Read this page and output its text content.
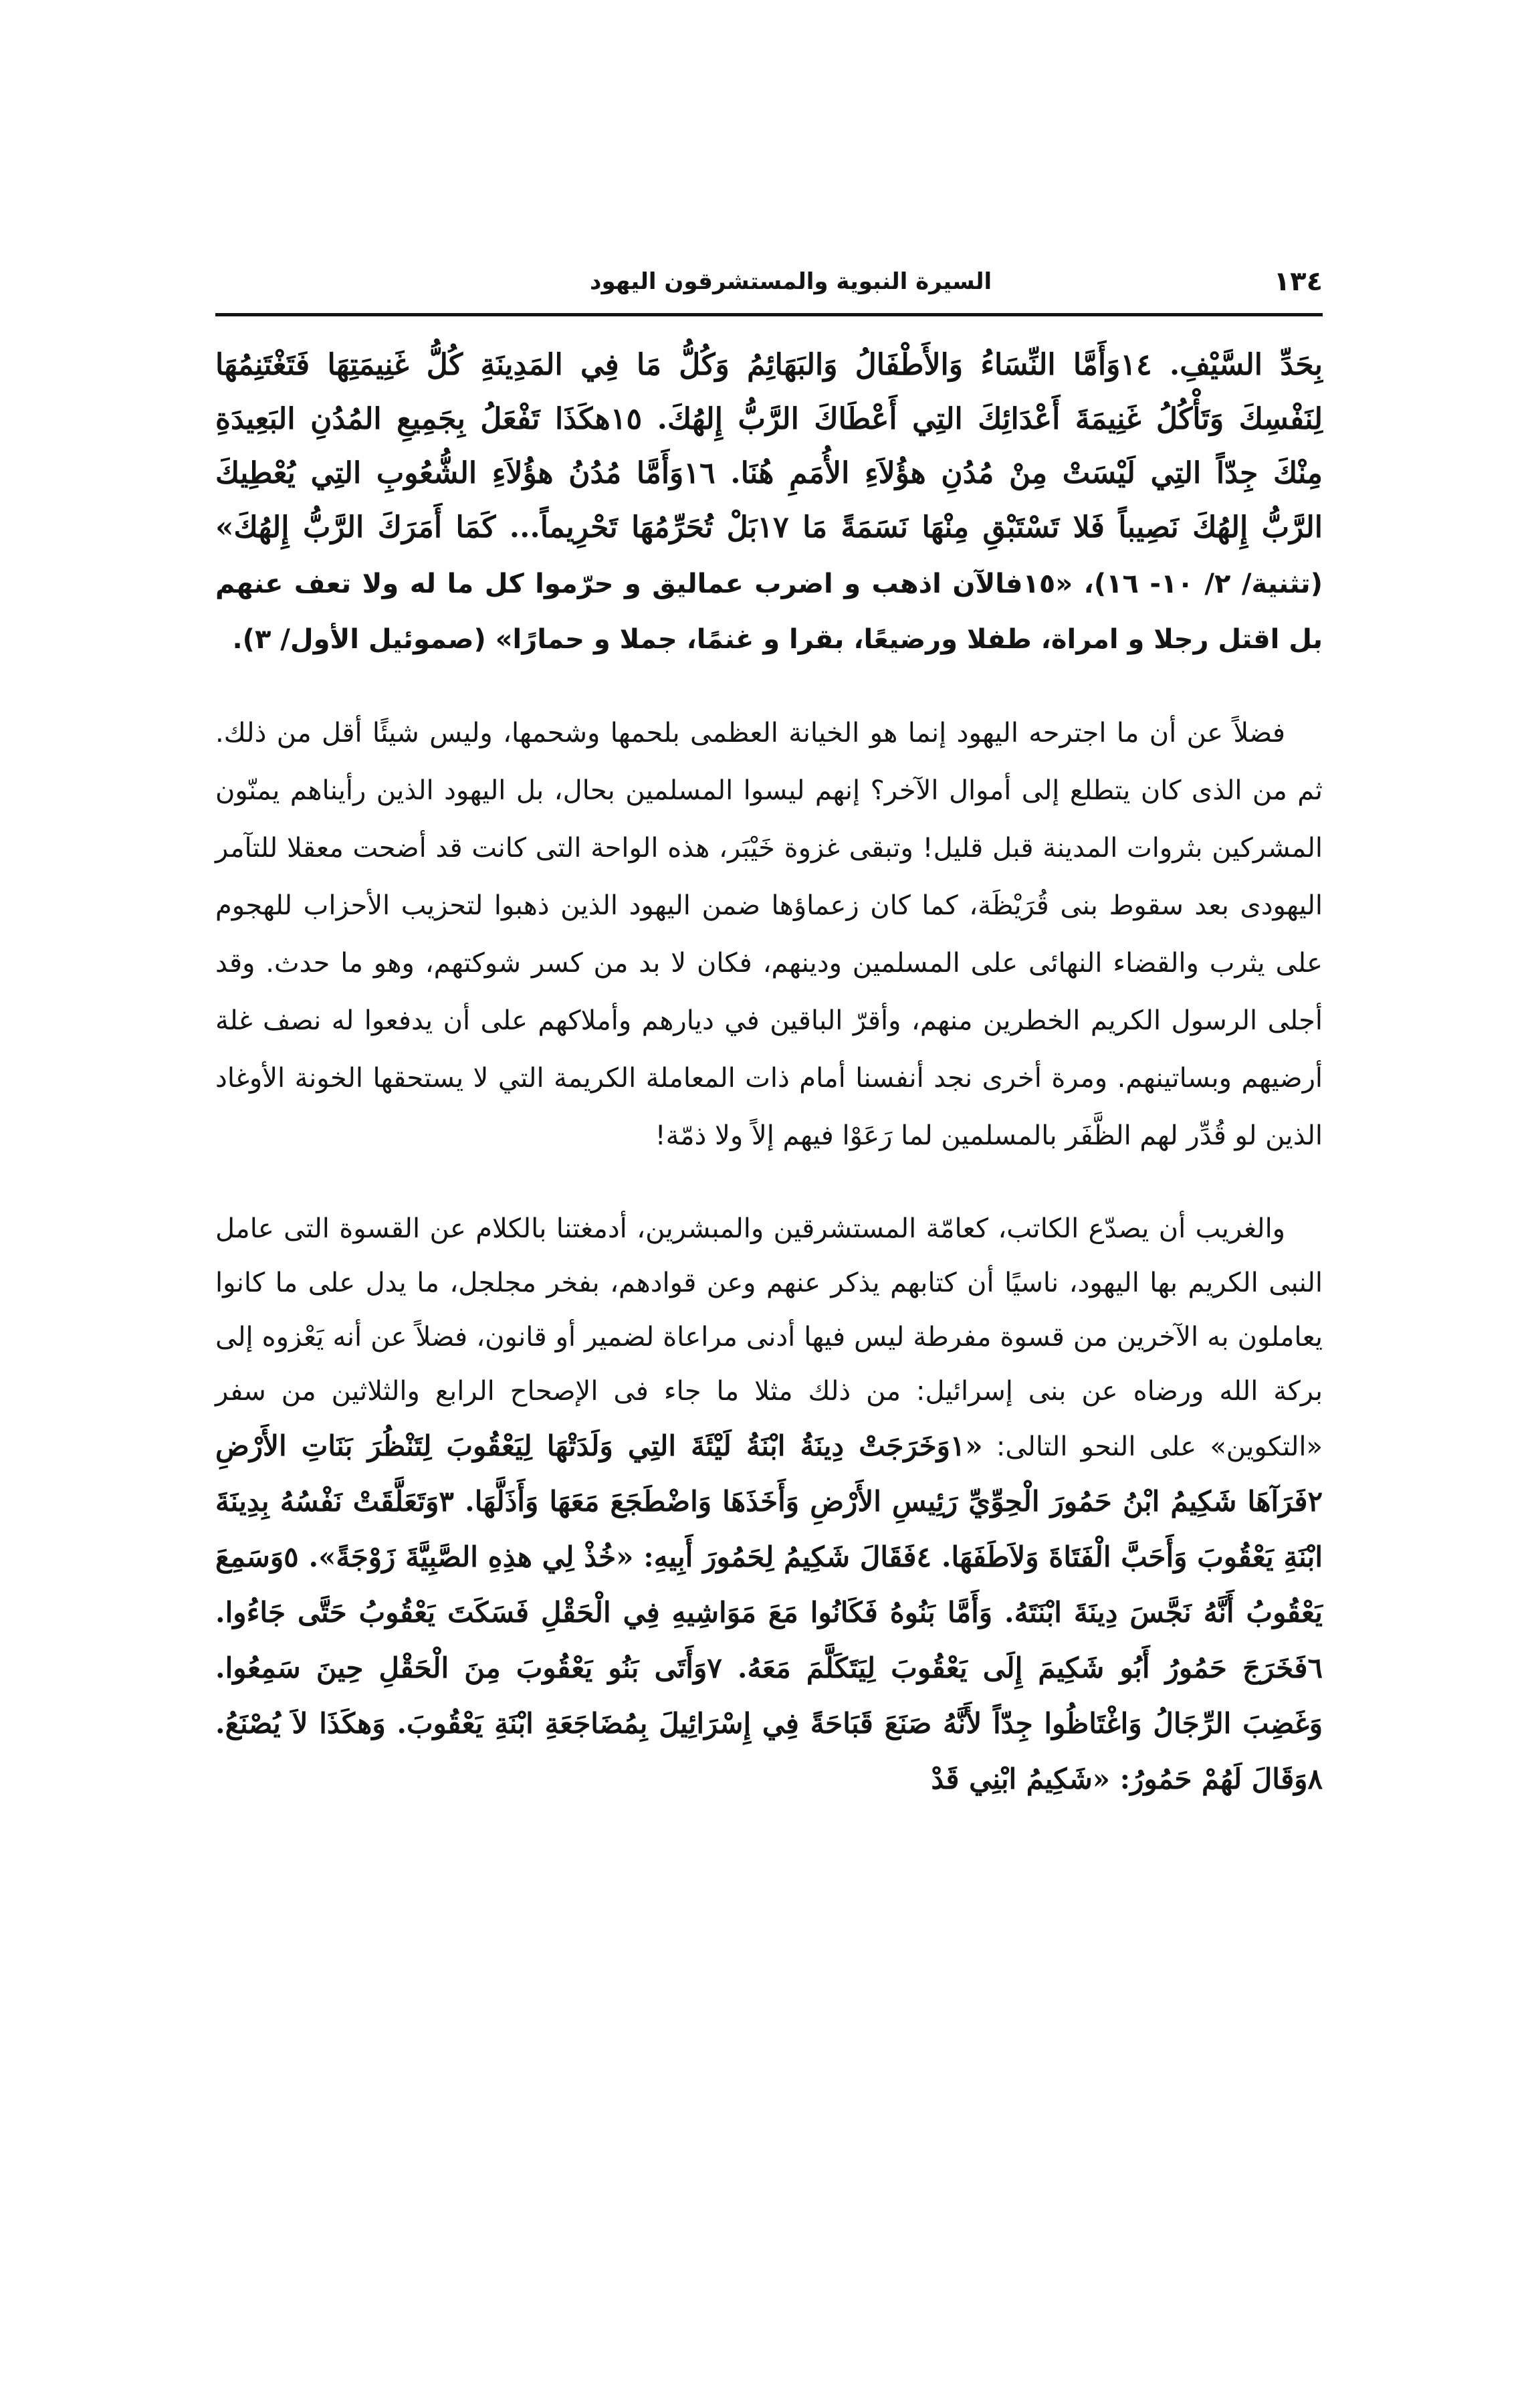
١٣٤
السيرة النبوية والمستشرقون اليهود

بِحَدِّ السَّيْفِ. ١٤وَأَمَّا النِّسَاءُ وَالأَطْفَالُ وَالبَهَائِمُ وَكُلُّ مَا فِي المَدِينَةِ كُلُّ غَنِيمَتِهَا فَتَغْتَنِمُهَا لِنَفْسِكَ وَتَأْكُلُ غَنِيمَةَ أَعْدَائِكَ التِي أَعْطَاكَ الرَّبُّ إِلهُكَ. ١٥هكَذَا تَفْعَلُ بِجَمِيعِ المُدُنِ البَعِيدَةِ مِنْكَ جِدّاً التِي لَيْسَتْ مِنْ مُدُنِ هؤُلاَءِ الأُمَمِ هُنَا. ١٦وَأَمَّا مُدُنُ هؤُلاَءِ الشُّعُوبِ التِي يُعْطِيكَ الرَّبُّ إِلهُكَ نَصِيباً فَلا تَسْتَبْقِ مِنْهَا نَسَمَةً مَا ١٧بَلْ تُحَرِّمُهَا تَحْرِيماً... كَمَا أَمَرَكَ الرَّبُّ إِلهُكَ» (تثنية/ ٢/ ١٠- ١٦)، «١٥فالآن اذهب و اضرب عماليق و حرّموا كل ما له ولا تعف عنهم بل اقتل رجلا و امراة، طفلا ورضيعًا، بقرا و غنمًا، جملا و حمارًا» (صموئيل الأول/ ٣).

فضلاً عن أن ما اجترحه اليهود إنما هو الخيانة العظمى بلحمها وشحمها، وليس شيئًا أقل من ذلك. ثم من الذى كان يتطلع إلى أموال الآخر؟ إنهم ليسوا المسلمين بحال، بل اليهود الذين رأيناهم يمنّون المشركين بثروات المدينة قبل قليل! وتبقى غزوة خَيْبَر، هذه الواحة التى كانت قد أضحت معقلا للتآمر اليهودى بعد سقوط بنى قُرَيْظَة، كما كان زعماؤها ضمن اليهود الذين ذهبوا لتحزيب الأحزاب للهجوم على يثرب والقضاء النهائى على المسلمين ودينهم، فكان لا بد من كسر شوكتهم، وهو ما حدث. وقد أجلى الرسول الكريم الخطرين منهم، وأقرّ الباقين في ديارهم وأملاكهم على أن يدفعوا له نصف غلة أرضيهم وبساتينهم. ومرة أخرى نجد أنفسنا أمام ذات المعاملة الكريمة التي لا يستحقها الخونة الأوغاد الذين لو قُدِّر لهم الظَّفَر بالمسلمين لما رَعَوْا فيهم إلاً ولا ذمّة!

والغريب أن يصدّع الكاتب، كعامّة المستشرقين والمبشرين، أدمغتنا بالكلام عن القسوة التى عامل النبى الكريم بها اليهود، ناسيًا أن كتابهم يذكر عنهم وعن قوادهم، بفخر مجلجل، ما يدل على ما كانوا يعاملون به الآخرين من قسوة مفرطة ليس فيها أدنى مراعاة لضمير أو قانون، فضلاً عن أنه يَعْزوه إلى بركة الله ورضاه عن بنى إسرائيل: من ذلك مثلا ما جاء فى الإصحاح الرابع والثلاثين من سفر «التكوين» على النحو التالى: «١وَخَرَجَتْ دِينَةُ ابْنَةُ لَيْئَةَ التِي وَلَدَتْهَا لِيَعْقُوبَ لِتَنْظُرَ بَنَاتِ الأَرْضِ ٢فَرَآهَا شَكِيمُ ابْنُ حَمُورَ الْحِوِّيِّ رَئِيسِ الأَرْضِ وَأَخَذَهَا وَاضْطَجَعَ مَعَهَا وَأَذَلَّهَا. ٣وَتَعَلَّقَتْ نَفْسُهُ بِدِينَةَ ابْنَةِ يَعْقُوبَ وَأَحَبَّ الْفَتَاةَ وَلاَطَفَهَا. ٤فَقَالَ شَكِيمُ لِحَمُورَ أَبِيهِ: «خُذْ لِي هذِهِ الصَّبِيَّةَ زَوْجَةً». ٥وَسَمِعَ يَعْقُوبُ أَنَّهُ نَجَّسَ دِينَةَ ابْنَتَهُ. وَأَمَّا بَنُوهُ فَكَانُوا مَعَ مَوَاشِيهِ فِي الْحَقْلِ فَسَكَتَ يَعْقُوبُ حَتَّى جَاءُوا. ٦فَخَرَجَ حَمُورُ أَبُو شَكِيمَ إِلَى يَعْقُوبَ لِيَتَكَلَّمَ مَعَهُ. ٧وَأَتَى بَنُو يَعْقُوبَ مِنَ الْحَقْلِ حِينَ سَمِعُوا. وَغَضِبَ الرِّجَالُ وَاغْتَاظُوا جِدّاً لأَنَّهُ صَنَعَ قَبَاحَةً فِي إِسْرَائِيلَ بِمُضَاجَعَةِ ابْنَةِ يَعْقُوبَ. وَهكَذَا لاَ يُصْنَعُ. ٨وَقَالَ لَهُمْ حَمُورُ: «شَكِيمُ ابْنِي قَدْ
